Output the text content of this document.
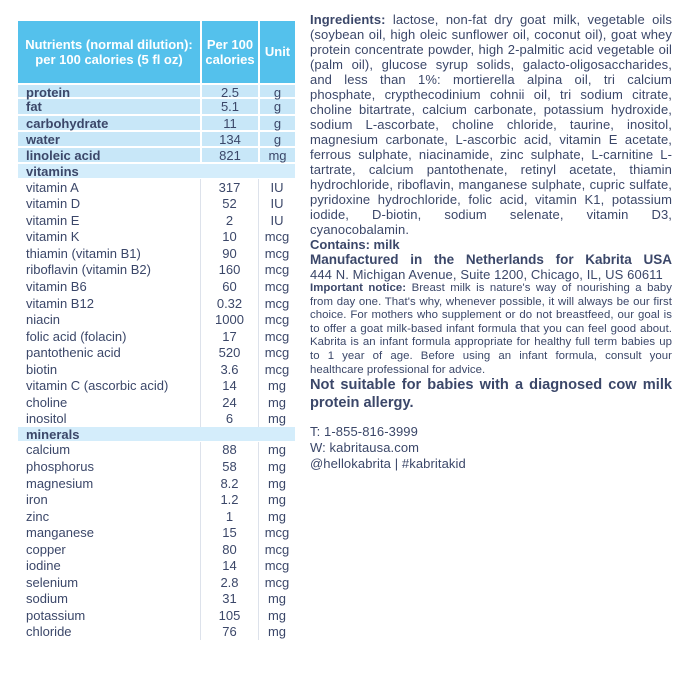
Nutrients (normal dilution): per 100 calories (5 fl oz)
Per 100 calories
Unit
protein	2.5	g
fat	5.1	g
carbohydrate	11	g
water	134	g
linoleic acid	821	mg
vitamins
vitamin A	317	IU
vitamin D	52	IU
vitamin E	2	IU
vitamin K	10	mcg
thiamin (vitamin B1)	90	mcg
riboflavin (vitamin B2)	160	mcg
vitamin B6	60	mcg
vitamin B12	0.32	mcg
niacin	1000	mcg
folic acid (folacin)	17	mcg
pantothenic acid	520	mcg
biotin	3.6	mcg
vitamin C (ascorbic acid)	14	mg
choline	24	mg
inositol	6	mg
minerals
calcium	88	mg
phosphorus	58	mg
magnesium	8.2	mg
iron	1.2	mg
zinc	1	mg
manganese	15	mcg
copper	80	mcg
iodine	14	mcg
selenium	2.8	mcg
sodium	31	mg
potassium	105	mg
chloride	76	mg

Ingredients: lactose, non-fat dry goat milk, vegetable oils (soybean oil, high oleic sunflower oil, coconut oil), goat whey protein concentrate powder, high 2-palmitic acid vegetable oil (palm oil), glucose syrup solids, galacto-oligosaccharides, and less than 1%: mortierella alpina oil, tri calcium phosphate, crypthecodinium cohnii oil, tri sodium citrate, choline bitartrate, calcium carbonate, potassium hydroxide, sodium L-ascorbate, choline chloride, taurine, inositol, magnesium carbonate, L-ascorbic acid, vitamin E acetate, ferrous sulphate, niacinamide, zinc sulphate, L-carnitine L-tartrate, calcium pantothenate, retinyl acetate, thiamin hydrochloride, riboflavin, manganese sulphate, cupric sulfate, pyridoxine hydrochloride, folic acid, vitamin K1, potassium iodide, D-biotin, sodium selenate, vitamin D3, cyanocobalamin.

Contains: milk

Manufactured in the Netherlands for Kabrita USA

444 N. Michigan Avenue, Suite 1200, Chicago, IL, US 60611

Important notice: Breast milk is nature's way of nourishing a baby from day one. That's why, whenever possible, it will always be our first choice. For mothers who supplement or do not breastfeed, our goal is to offer a goat milk-based infant formula that you can feel good about. Kabrita is an infant formula appropriate for healthy full term babies up to 1 year of age. Before using an infant formula, consult your healthcare professional for advice.

Not suitable for babies with a diagnosed cow milk protein allergy.

T: 1-855-816-3999
W: kabritausa.com
@hellokabrita | #kabritakid
